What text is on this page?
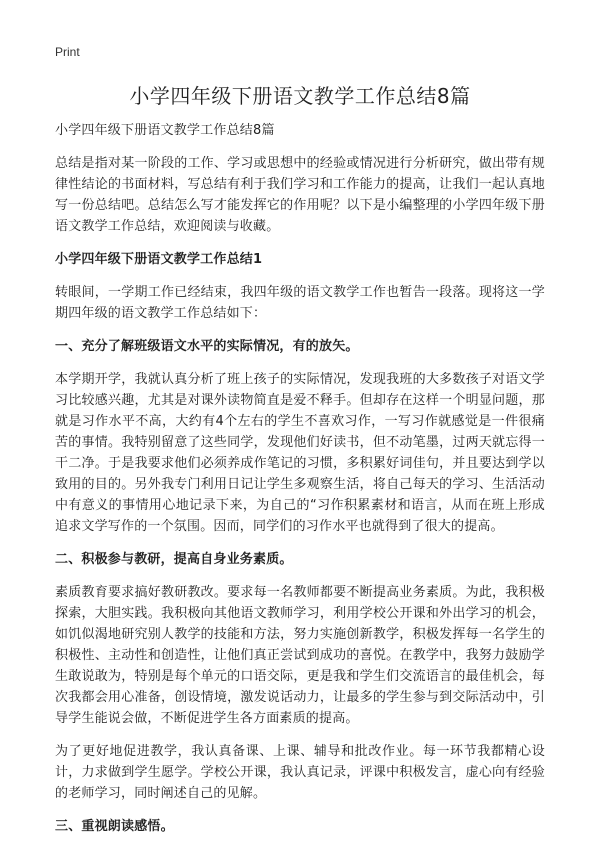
Print
小学四年级下册语文教学工作总结8篇

小学四年级下册语文教学工作总结8篇

总结是指对某一阶段的工作、学习或思想中的经验或情况进行分析研究，做出带有规律性结论的书面材料，写总结有利于我们学习和工作能力的提高，让我们一起认真地写一份总结吧。总结怎么写才能发挥它的作用呢？以下是小编整理的小学四年级下册语文教学工作总结，欢迎阅读与收藏。

小学四年级下册语文教学工作总结1

转眼间，一学期工作已经结束，我四年级的语文教学工作也暂告一段落。现将这一学期四年级的语文教学工作总结如下：

一、充分了解班级语文水平的实际情况，有的放矢。

本学期开学，我就认真分析了班上孩子的实际情况，发现我班的大多数孩子对语文学习比较感兴趣，尤其是对课外读物简直是爱不释手。但却存在这样一个明显问题，那就是习作水平不高，大约有4个左右的学生不喜欢习作，一写习作就感觉是一件很痛苦的事情。我特别留意了这些同学，发现他们好读书，但不动笔墨，过两天就忘得一干二净。于是我要求他们必须养成作笔记的习惯，多积累好词佳句，并且要达到学以致用的目的。另外我专门利用日记让学生多观察生活，将自己每天的学习、生活活动中有意义的事情用心地记录下来，为自己的“习作积累素材和语言，从而在班上形成追求文学写作的一个氛围。因而，同学们的习作水平也就得到了很大的提高。

二、积极参与教研，提高自身业务素质。

素质教育要求搞好教研教改。要求每一名教师都要不断提高业务素质。为此，我积极探索，大胆实践。我积极向其他语文教师学习，利用学校公开课和外出学习的机会，如饥似渴地研究别人教学的技能和方法，努力实施创新教学，积极发挥每一名学生的积极性、主动性和创造性，让他们真正尝试到成功的喜悦。在教学中，我努力鼓励学生敢说敢为，特别是每个单元的口语交际，更是我和学生们交流语言的最佳机会，每次我都会用心准备，创设情境，激发说话动力，让最多的学生参与到交际活动中，引导学生能说会做，不断促进学生各方面素质的提高。

为了更好地促进教学，我认真备课、上课、辅导和批改作业。每一环节我都精心设计，力求做到学生愿学。学校公开课，我认真记录，评课中积极发言，虚心向有经验的老师学习，同时阐述自己的见解。

三、重视朗读感悟。
